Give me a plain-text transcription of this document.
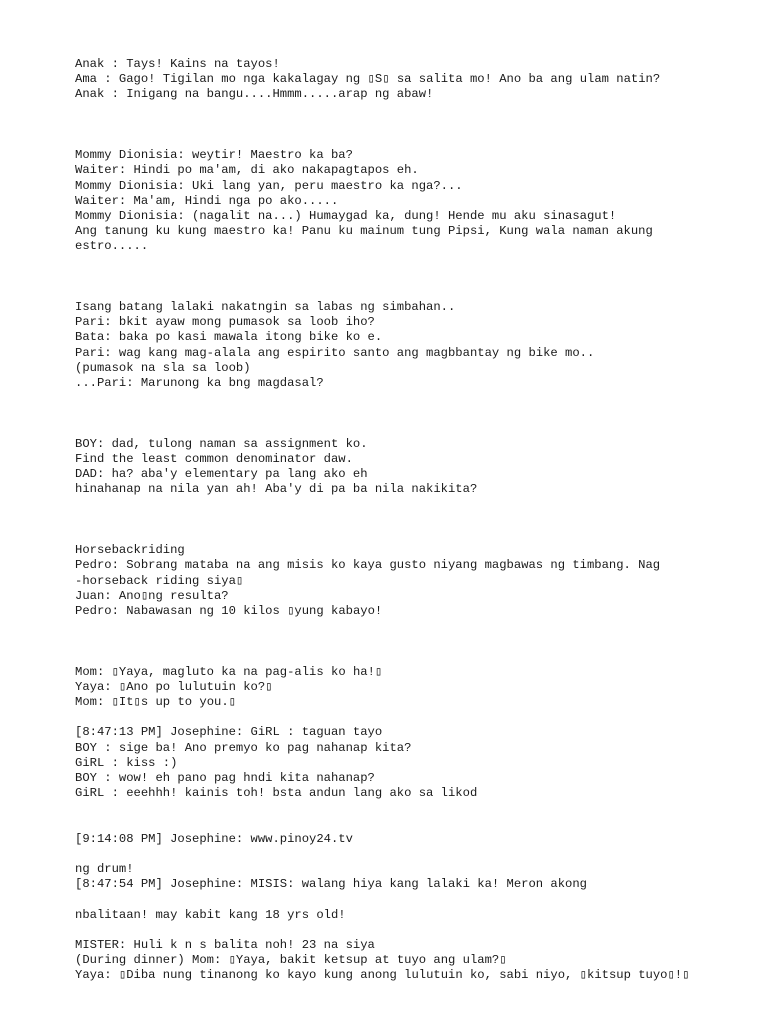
Anak : Tays! Kains na tayos!
Ama : Gago! Tigilan mo nga kakalagay ng ▯S▯ sa salita mo! Ano ba ang ulam natin?
Anak : Inigang na bangu....Hmmm.....arap ng abaw!
Mommy Dionisia: weytir! Maestro ka ba?
Waiter: Hindi po ma'am, di ako nakapagtapos eh.
Mommy Dionisia: Uki lang yan, peru maestro ka nga?...
Waiter: Ma'am, Hindi nga po ako.....
Mommy Dionisia: (nagalit na...) Humaygad ka, dung! Hende mu aku sinasagut!
Ang tanung ku kung maestro ka! Panu ku mainum tung Pipsi, Kung wala naman akung
estro.....
Isang batang lalaki nakatngin sa labas ng simbahan..
Pari: bkit ayaw mong pumasok sa loob iho?
Bata: baka po kasi mawala itong bike ko e.
Pari: wag kang mag-alala ang espirito santo ang magbbantay ng bike mo..
(pumasok na sla sa loob)
...Pari: Marunong ka bng magdasal?
BOY: dad, tulong naman sa assignment ko.
Find the least common denominator daw.
DAD: ha? aba'y elementary pa lang ako eh
hinahanap na nila yan ah! Aba'y di pa ba nila nakikita?
Horsebackriding
Pedro: Sobrang mataba na ang misis ko kaya gusto niyang magbawas ng timbang. Nag
-horseback riding siya▯
Juan: Ano▯ng resulta?
Pedro: Nabawasan ng 10 kilos ▯yung kabayo!
Mom: ▯Yaya, magluto ka na pag-alis ko ha!▯
Yaya: ▯Ano po lulutuin ko?▯
Mom: ▯It▯s up to you.▯
[8:47:13 PM] Josephine: GiRL : taguan tayo
BOY : sige ba! Ano premyo ko pag nahanap kita?
GiRL : kiss :)
BOY : wow! eh pano pag hndi kita nahanap?
GiRL : eeehhh! kainis toh! bsta andun lang ako sa likod
[9:14:08 PM] Josephine: www.pinoy24.tv
ng drum!
[8:47:54 PM] Josephine: MISIS: walang hiya kang lalaki ka! Meron akong
nbalitaan! may kabit kang 18 yrs old!
MISTER: Huli k n s balita noh! 23 na siya
(During dinner) Mom: ▯Yaya, bakit ketsup at tuyo ang ulam?▯
Yaya: ▯Diba nung tinanong ko kayo kung anong lulutuin ko, sabi niyo, ▯kitsup tuyo▯!▯
